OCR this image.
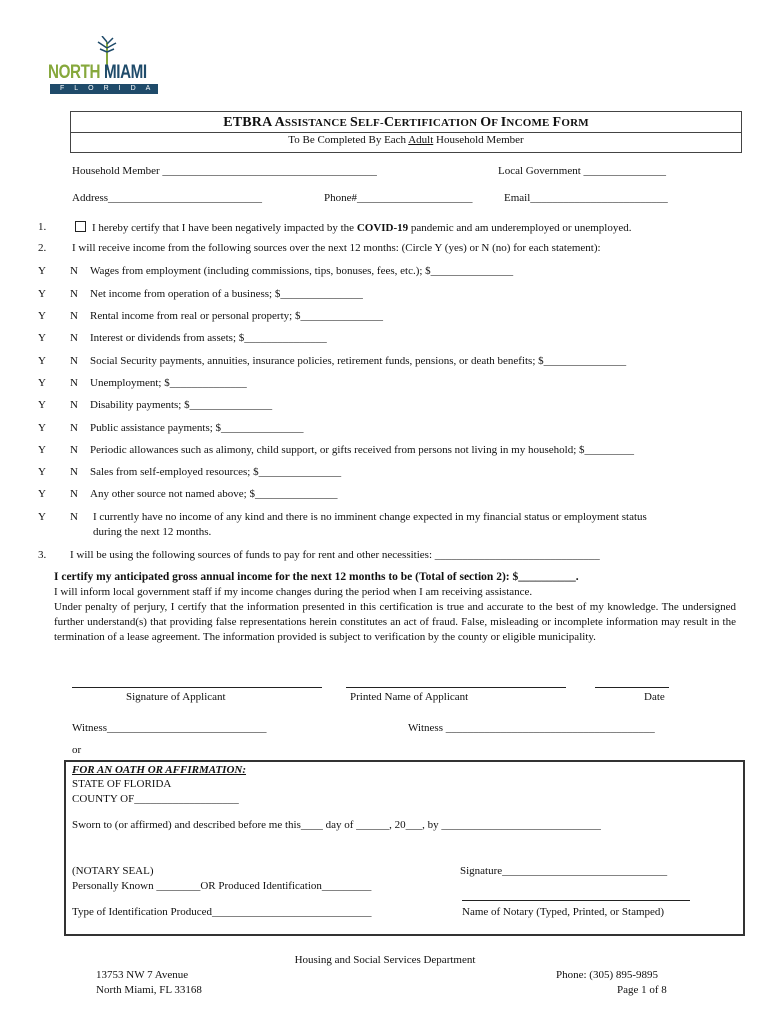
NORTH MIAMI
FLORIDA
ETBRA ASSISTANCE SELF-CERTIFICATION OF INCOME FORM
To Be Completed By Each Adult Household Member
Household Member _______________________________________	Local Government _______________
Address____________________________	Phone#_____________________	Email_________________________
1.	I hereby certify that I have been negatively impacted by the COVID-19 pandemic and am underemployed or unemployed.
2. I will receive income from the following sources over the next 12 months: (Circle Y (yes) or N (no) for each statement):
Y N Wages from employment (including commissions, tips, bonuses, fees, etc.); $_______________
Y N Net income from operation of a business; $_______________
Y N Rental income from real or personal property; $_______________
Y N Interest or dividends from assets; $_______________
Y N Social Security payments, annuities, insurance policies, retirement funds, pensions, or death benefits; $_______________
Y N Unemployment; $______________
Y N Disability payments; $_______________
Y N Public assistance payments; $_______________
Y N Periodic allowances such as alimony, child support, or gifts received from persons not living in my household; $_________
Y N Sales from self-employed resources; $_______________
Y N Any other source not named above; $_______________
Y N I currently have no income of any kind and there is no imminent change expected in my financial status or employment status
during the next 12 months.
3. I will be using the following sources of funds to pay for rent and other necessities: ______________________________
I certify my anticipated gross annual income for the next 12 months to be (Total of section 2): $__________.
I will inform local government staff if my income changes during the period when I am receiving assistance.
Under penalty of perjury, I certify that the information presented in this certification is true and accurate to the best of my knowledge. The undersigned further understand(s) that providing false representations herein constitutes an act of fraud. False, misleading or incomplete information may result in the termination of a lease agreement. The information provided is subject to verification by the county or eligible municipality.
Signature of Applicant	Printed Name of Applicant	Date
Witness_____________________________	Witness ______________________________________
or
FOR AN OATH OR AFFIRMATION:
STATE OF FLORIDA
COUNTY OF___________________
Sworn to (or affirmed) and described before me this____ day of ______, 20___, by _____________________________
(NOTARY SEAL)	Signature______________________________
Personally Known ________OR Produced Identification_________
Type of Identification Produced_____________________________	Name of Notary (Typed, Printed, or Stamped)
Housing and Social Services Department
13753 NW 7 Avenue
North Miami, FL 33168
Phone: (305) 895-9895
Page 1 of 8
